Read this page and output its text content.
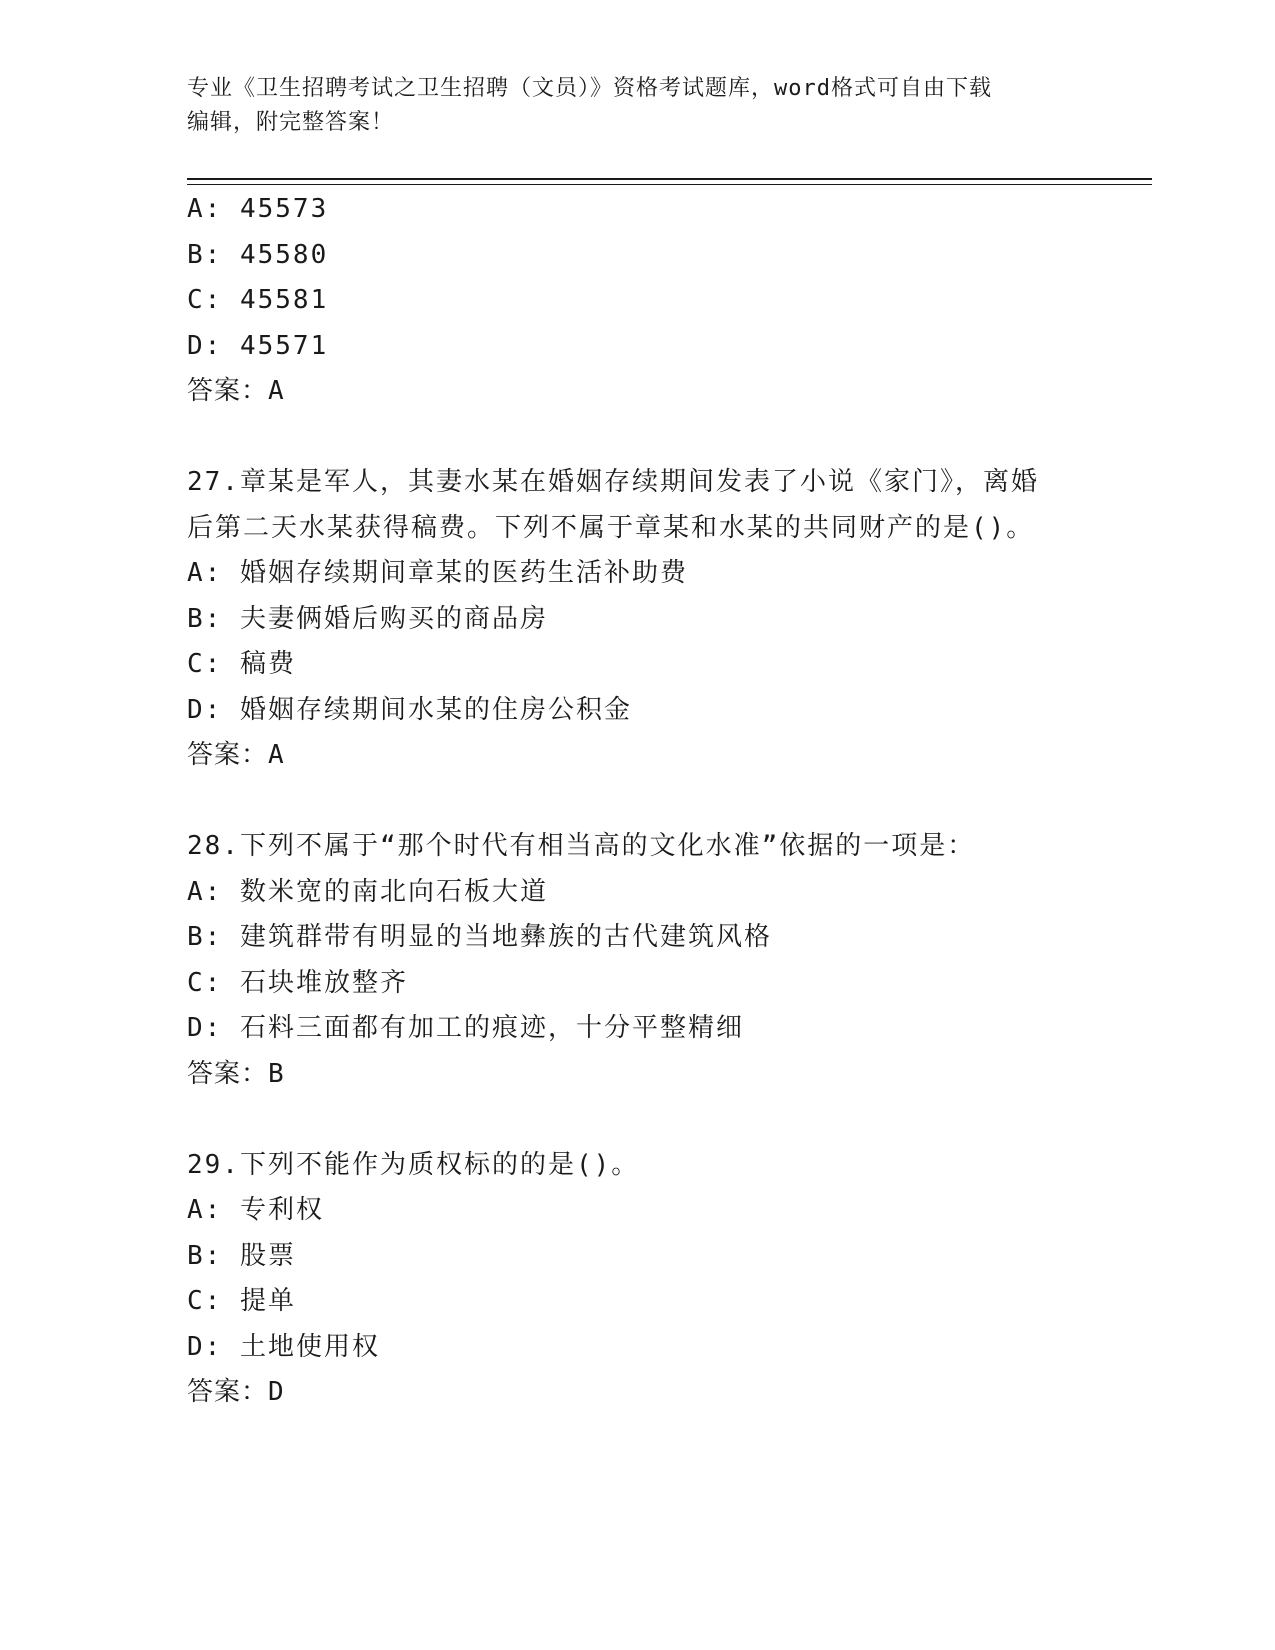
专业《卫生招聘考试之卫生招聘（文员）》资格考试题库，word格式可自由下载
编辑，附完整答案！
A: 45573
B: 45580
C: 45581
D: 45571
答案：A
27.章某是军人，其妻水某在婚姻存续期间发表了小说《家门》，离婚
后第二天水某获得稿费。下列不属于章某和水某的共同财产的是()。
A: 婚姻存续期间章某的医药生活补助费
B: 夫妻俩婚后购买的商品房
C: 稿费
D: 婚姻存续期间水某的住房公积金
答案：A
28.下列不属于“那个时代有相当高的文化水准”依据的一项是：
A: 数米宽的南北向石板大道
B: 建筑群带有明显的当地彝族的古代建筑风格
C: 石块堆放整齐
D: 石料三面都有加工的痕迹，十分平整精细
答案：B
29.下列不能作为质权标的的是()。
A: 专利权
B: 股票
C: 提单
D: 土地使用权
答案：D
